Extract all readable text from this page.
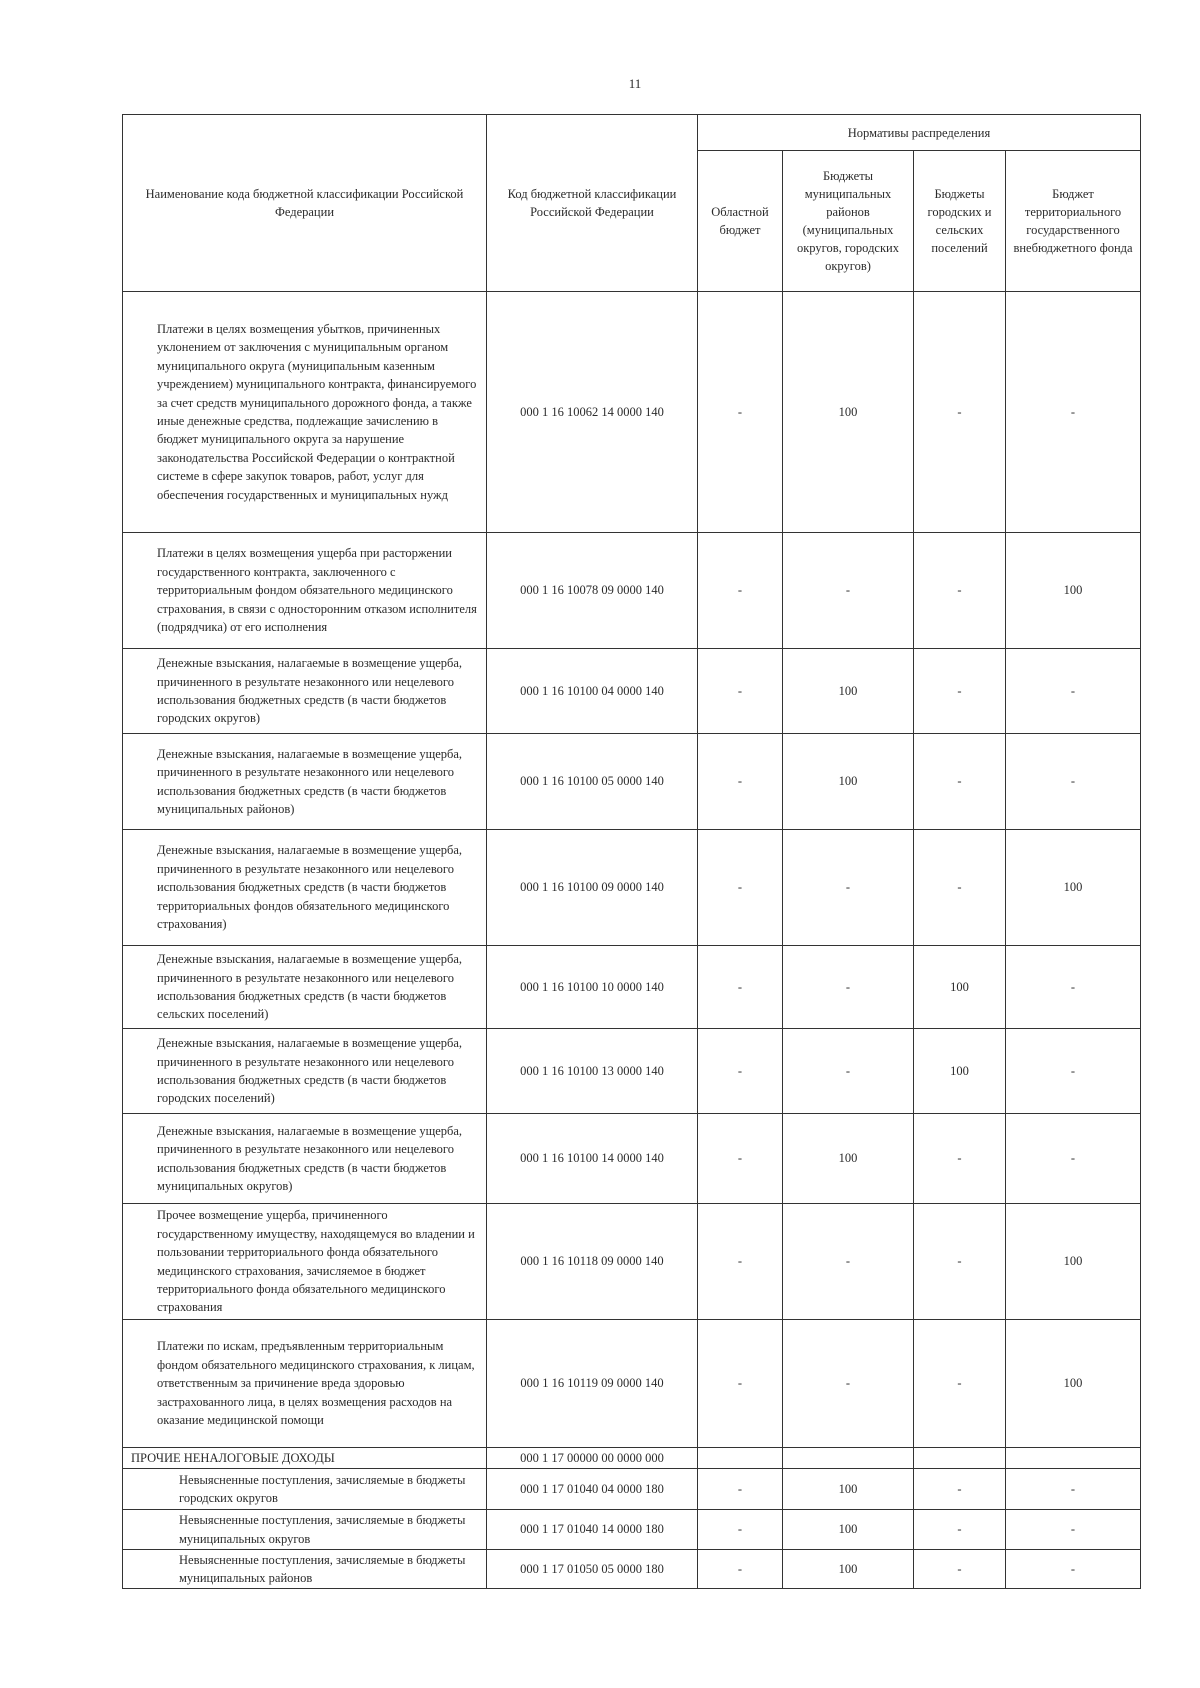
11
Наименование кода бюджетной классификации Российской Федерации	Код бюджетной классификации Российской Федерации	Нормативы распределения			
		Областной бюджет	Бюджеты муниципальных районов (муниципальных округов, городских округов)	Бюджеты городских и сельских поселений	Бюджет территориального государственного внебюджетного фонда
Платежи в целях возмещения убытков, причиненных уклонением от заключения с муниципальным органом муниципального округа (муниципальным казенным учреждением) муниципального контракта, финансируемого за счет средств муниципального дорожного фонда, а также иные денежные средства, подлежащие зачислению в бюджет муниципального округа за нарушение законодательства Российской Федерации о контрактной системе в сфере закупок товаров, работ, услуг для обеспечения государственных и муниципальных нужд	000 1 16 10062 14 0000 140	-	100	-	-
Платежи в целях возмещения ущерба при расторжении государственного контракта, заключенного с территориальным фондом обязательного медицинского страхования, в связи с односторонним отказом исполнителя (подрядчика) от его исполнения	000 1 16 10078 09 0000 140	-	-	-	100
Денежные взыскания, налагаемые в возмещение ущерба, причиненного в результате незаконного или нецелевого использования бюджетных средств (в части бюджетов городских округов)	000 1 16 10100 04 0000 140	-	100	-	-
Денежные взыскания, налагаемые в возмещение ущерба, причиненного в результате незаконного или нецелевого использования бюджетных средств (в части бюджетов муниципальных районов)	000 1 16 10100 05 0000 140	-	100	-	-
Денежные взыскания, налагаемые в возмещение ущерба, причиненного в результате незаконного или нецелевого использования бюджетных средств (в части бюджетов территориальных фондов обязательного медицинского страхования)	000 1 16 10100 09 0000 140	-	-	-	100
Денежные взыскания, налагаемые в возмещение ущерба, причиненного в результате незаконного или нецелевого использования бюджетных средств (в части бюджетов сельских поселений)	000 1 16 10100 10 0000 140	-	-	100	-
Денежные взыскания, налагаемые в возмещение ущерба, причиненного в результате незаконного или нецелевого использования бюджетных средств (в части бюджетов городских поселений)	000 1 16 10100 13 0000 140	-	-	100	-
Денежные взыскания, налагаемые в возмещение ущерба, причиненного в результате незаконного или нецелевого использования бюджетных средств (в части бюджетов муниципальных округов)	000 1 16 10100 14 0000 140	-	100	-	-
Прочее возмещение ущерба, причиненного государственному имуществу, находящемуся во владении и пользовании территориального фонда обязательного медицинского страхования, зачисляемое в бюджет территориального фонда обязательного медицинского страхования	000 1 16 10118 09 0000 140	-	-	-	100
Платежи по искам, предъявленным территориальным фондом обязательного медицинского страхования, к лицам, ответственным за причинение вреда здоровью застрахованного лица, в целях возмещения расходов на оказание медицинской помощи	000 1 16 10119 09 0000 140	-	-	-	100
ПРОЧИЕ НЕНАЛОГОВЫЕ ДОХОДЫ	000 1 17 00000 00 0000 000				
Невыясненные поступления, зачисляемые в бюджеты городских округов	000 1 17 01040 04 0000 180	-	100	-	-
Невыясненные поступления, зачисляемые в бюджеты муниципальных округов	000 1 17 01040 14 0000 180	-	100	-	-
Невыясненные поступления, зачисляемые в бюджеты муниципальных районов	000 1 17 01050 05 0000 180	-	100	-	-
